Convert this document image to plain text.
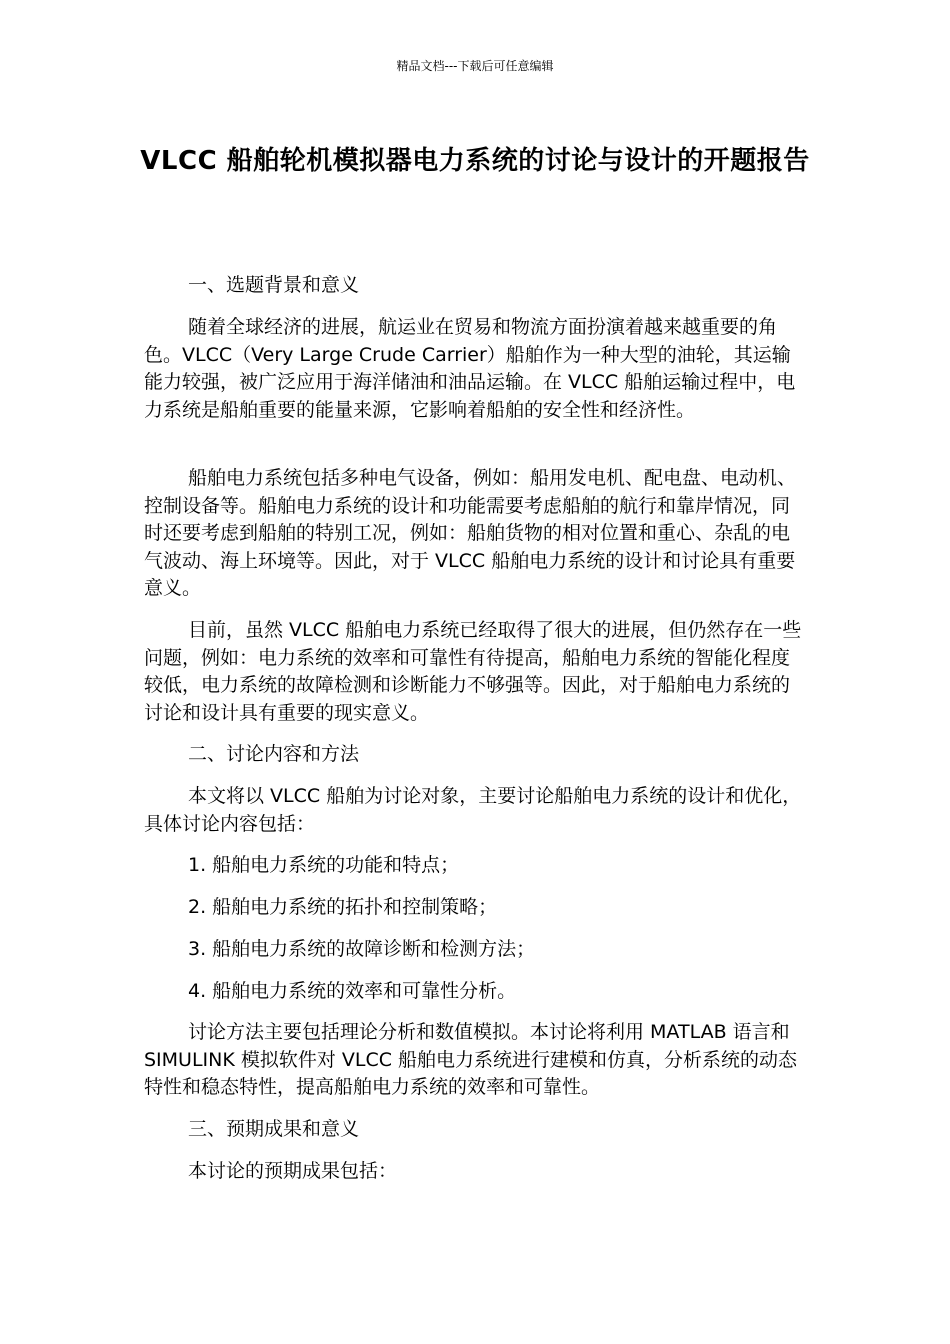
精品文档---下载后可任意编辑
VLCC 船舶轮机模拟器电力系统的讨论与设计的开题报告

一、选题背景和意义

随着全球经济的进展，航运业在贸易和物流方面扮演着越来越重要的角色。VLCC（Very Large Crude Carrier）船舶作为一种大型的油轮，其运输能力较强，被广泛应用于海洋储油和油品运输。在 VLCC 船舶运输过程中，电力系统是船舶重要的能量来源，它影响着船舶的安全性和经济性。

船舶电力系统包括多种电气设备，例如：船用发电机、配电盘、电动机、控制设备等。船舶电力系统的设计和功能需要考虑船舶的航行和靠岸情况，同时还要考虑到船舶的特别工况，例如：船舶货物的相对位置和重心、杂乱的电气波动、海上环境等。因此，对于 VLCC 船舶电力系统的设计和讨论具有重要意义。

目前，虽然 VLCC 船舶电力系统已经取得了很大的进展，但仍然存在一些问题，例如：电力系统的效率和可靠性有待提高，船舶电力系统的智能化程度较低，电力系统的故障检测和诊断能力不够强等。因此，对于船舶电力系统的讨论和设计具有重要的现实意义。

二、讨论内容和方法

本文将以 VLCC 船舶为讨论对象，主要讨论船舶电力系统的设计和优化，具体讨论内容包括：

1. 船舶电力系统的功能和特点；

2. 船舶电力系统的拓扑和控制策略；

3. 船舶电力系统的故障诊断和检测方法；

4. 船舶电力系统的效率和可靠性分析。

讨论方法主要包括理论分析和数值模拟。本讨论将利用 MATLAB 语言和 SIMULINK 模拟软件对 VLCC 船舶电力系统进行建模和仿真，分析系统的动态特性和稳态特性，提高船舶电力系统的效率和可靠性。

三、预期成果和意义

本讨论的预期成果包括：
